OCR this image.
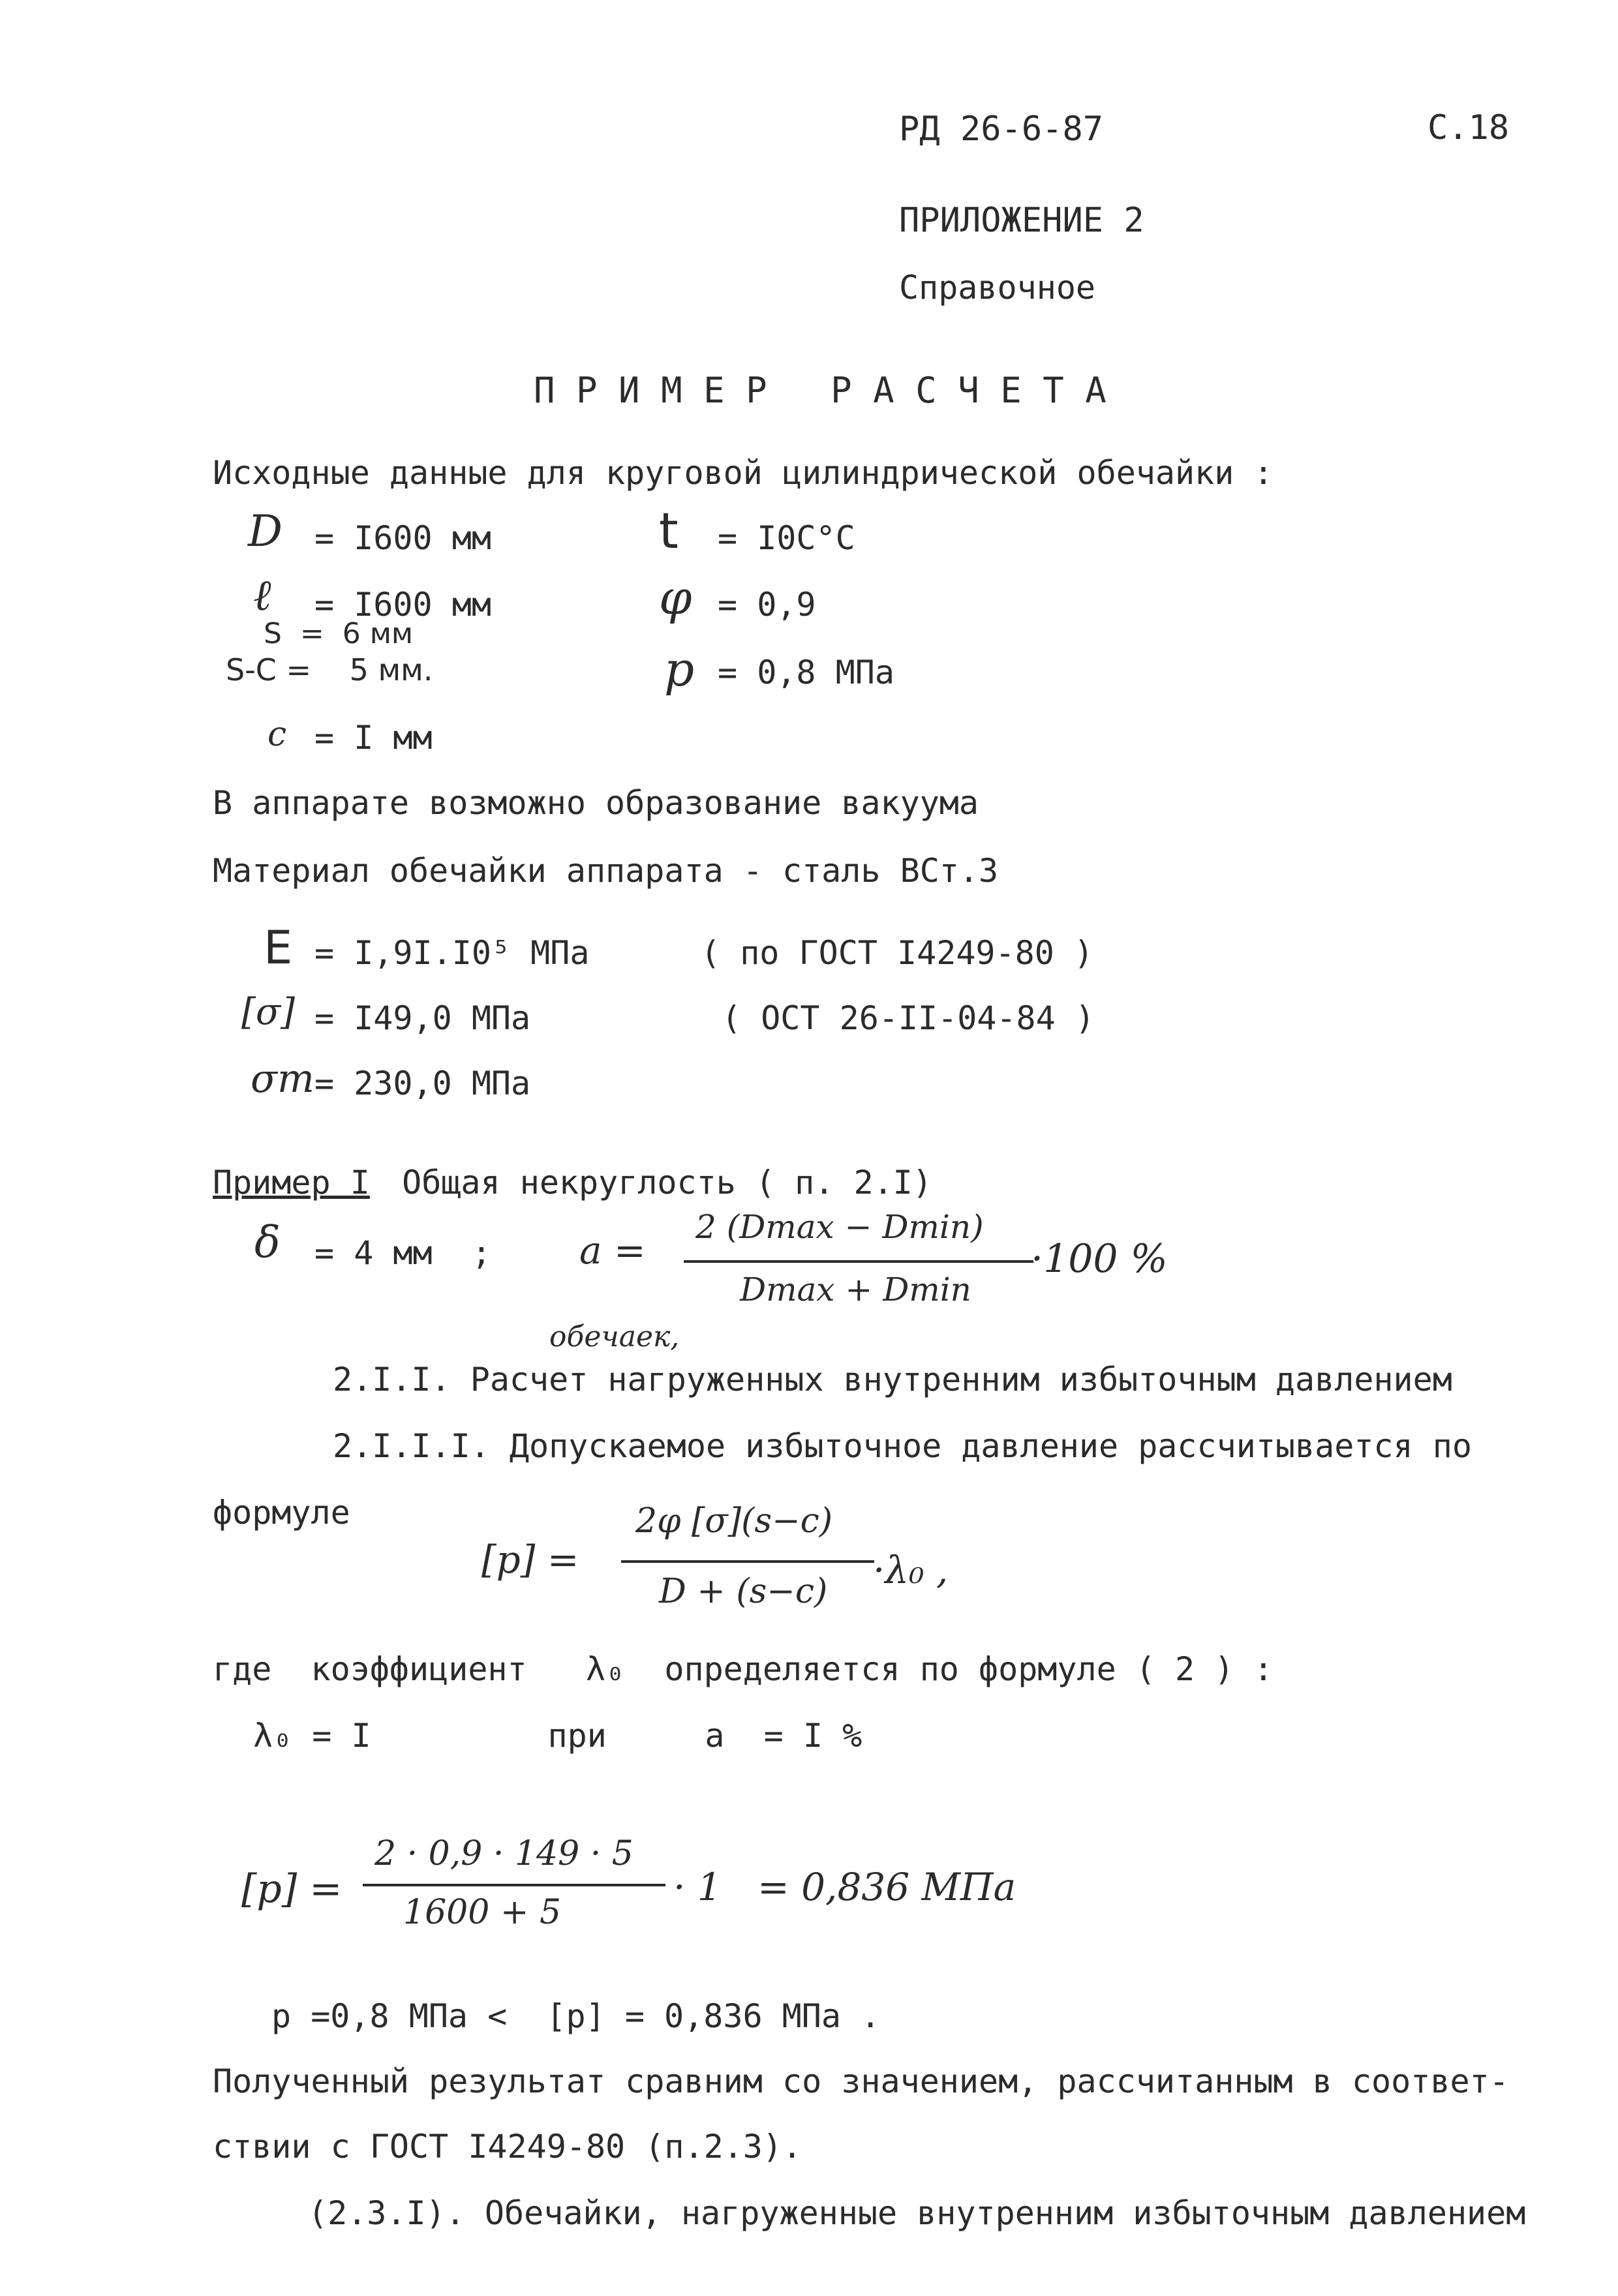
РД 26-6-87	С.18
ПРИЛОЖЕНИЕ 2
Справочное
П Р И М Е Р   Р А С Ч Е Т А
Исходные данные для круговой цилиндрической обечайки :
D = I600 мм	t = I0C°C
ℓ = I600 мм	φ = 0,9
S  =  6 мм
S-C =    5 мм.	p = 0,8 МПа
c = I мм
В аппарате возможно образование вакуума
Материал обечайки аппарата - сталь ВСт.3
E = I,9I.I0⁵ МПа	( по ГОСТ I4249-80 )
[σ] = I49,0 МПа	( ОСТ 26-II-04-84 )
σт = 230,0 МПа
Пример I Общая некруглость ( п. 2.I)
δ = 4 мм  ; a =
2 (Dmax − Dmin)
Dmax + Dmin
·100 %
обечаек,
2.I.I. Расчет нагруженных внутренним избыточным давлением
2.I.I.I. Допускаемое избыточное давление рассчитывается по
формуле
[p] =
2φ [σ](s−c)
D + (s−c) ·λ₀ ,
где  коэффициент   λ₀  определяется по формуле ( 2 ) :
λ₀ = I         при     a  = I %
[p] =
2 · 0,9 · 149 · 5
1600 + 5
· 1   = 0,836 МПа
p =0,8 МПа <  [p] = 0,836 МПа .
Полученный результат сравним со значением, рассчитанным в соответ-
ствии с ГОСТ I4249-80 (п.2.3).
(2.3.I). Обечайки, нагруженные внутренним избыточным давлением
